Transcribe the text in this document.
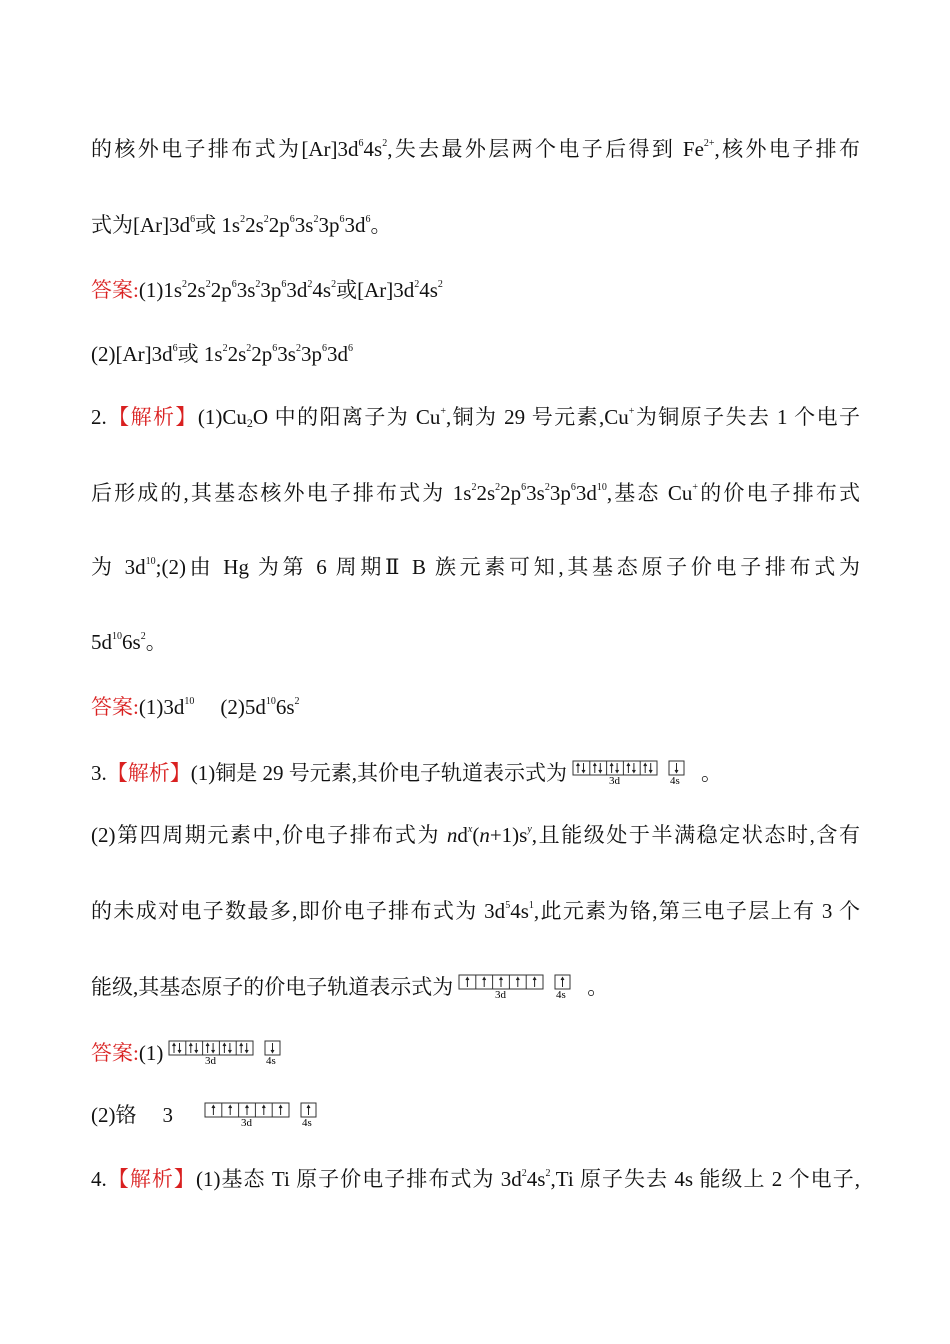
的核外电子排布式为$[Ar]3d^64s^2$,失去最外层两个电子后得到 $Fe^{2+}$,核外电子排布
式为$[Ar]3d^6$或 $1s^22s^22p^63s^23p^63d^6$。
答案$:(1)1s^22s^22p^63s^23p^63d^24s^2$或$[Ar]3d^24s^2$
$(2)[Ar]3d^6$或 $1s^22s^22p^63s^23p^63d^6$
2.【解析】$(1)Cu_2O$ 中的阳离子为 Cu+,铜为 29 号元素,Cu+为铜原子失去 1 个电子
后形成的,其基态核外电子排布式为 $1s^22s^22p^63s^23p^63d^{10}$,基态 Cu+的价电子排布式
为 $3d^{10};(2)$由 Hg 为第 6 周期Ⅱ B 族元素可知,其基态原子价电子排布式为
$5d^{10}6s^2$。
答案$:(1)3d^{10}$ $(2)5d^{10}6s^2$
3.【解析】(1)铜是 29 号元素,其价电子轨道表示式为	3d	4s 。
(2)第四周期元素中,价电子排布式为 $nd^x(n+1)s^y$,且能级处于半满稳定状态时,含有
的未成对电子数最多,即价电子排布式为 $3d^54s^1$,此元素为铬,第三电子层上有 3 个
能级,其基态原子的价电子轨道表示式为	3d	4s 。
答案:(1)	3d	4s
(2)铬 3	3d	4s
4.【解析】(1)基态 Ti 原子价电子排布式为 $3d^24s^2,Ti$ 原子失去 4s 能级上 2 个电子,
